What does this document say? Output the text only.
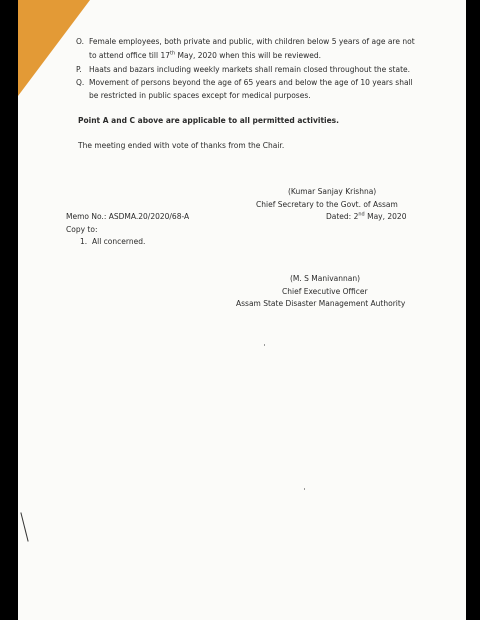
O. Female employees, both private and public, with children below 5 years of age are not
to attend office till 17th May, 2020 when this will be reviewed.
P. Haats and bazars including weekly markets shall remain closed throughout the state.
Q. Movement of persons beyond the age of 65 years and below the age of 10 years shall
be restricted in public spaces except for medical purposes.
Point A and C above are applicable to all permitted activities.
The meeting ended with vote of thanks from the Chair.
(Kumar Sanjay Krishna)
Chief Secretary to the Govt. of Assam
Dated: 2nd May, 2020
Memo No.: ASDMA.20/2020/68-A
Copy to:
1. All concerned.
(M. S Manivannan)
Chief Executive Officer
Assam State Disaster Management Authority
